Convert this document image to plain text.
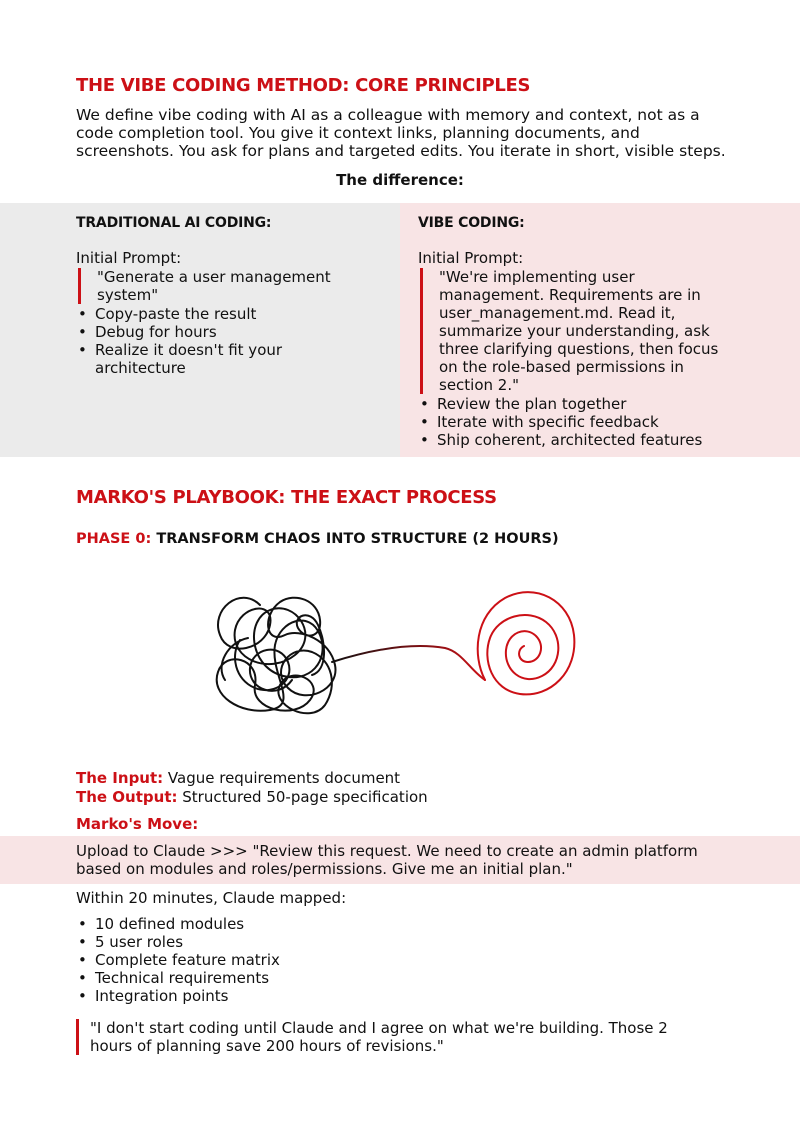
THE VIBE CODING METHOD: CORE PRINCIPLES

We define vibe coding with AI as a colleague with memory and context, not as a code completion tool. You give it context links, planning documents, and screenshots. You ask for plans and targeted edits. You iterate in short, visible steps.

The difference:
TRADITIONAL AI CODING:
Initial Prompt:
"Generate a user management system"
• Copy-paste the result
• Debug for hours
• Realize it doesn't fit your architecture
VIBE CODING:
Initial Prompt:
"We're implementing user management. Requirements are in user_management.md. Read it, summarize your understanding, ask three clarifying questions, then focus on the role-based permissions in section 2."
• Review the plan together
• Iterate with specific feedback
• Ship coherent, architected features
MARKO'S PLAYBOOK: THE EXACT PROCESS
PHASE 0: TRANSFORM CHAOS INTO STRUCTURE (2 HOURS)
The Input: Vague requirements document
The Output: Structured 50-page specification
Marko's Move:
Upload to Claude >>> "Review this request. We need to create an admin platform based on modules and roles/permissions. Give me an initial plan."
Within 20 minutes, Claude mapped:
• 10 defined modules
• 5 user roles
• Complete feature matrix
• Technical requirements
• Integration points
"I don't start coding until Claude and I agree on what we're building. Those 2 hours of planning save 200 hours of revisions."
